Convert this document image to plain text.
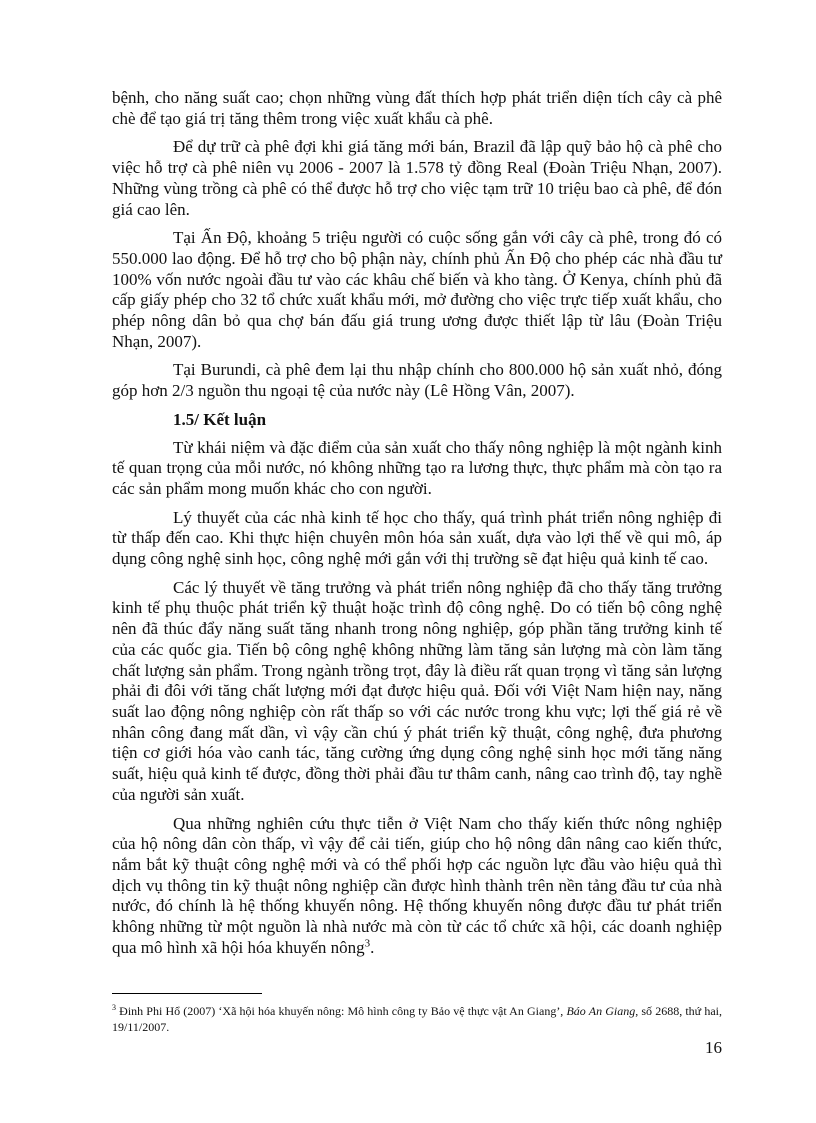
bệnh, cho năng suất cao; chọn những vùng đất thích hợp phát triển diện tích cây cà phê chè để tạo giá trị tăng thêm trong việc xuất khẩu cà phê.

Để dự trữ cà phê đợi khi giá tăng mới bán, Brazil đã lập quỹ bảo hộ cà phê cho việc hỗ trợ cà phê niên vụ 2006 - 2007 là 1.578 tỷ đồng Real (Đoàn Triệu Nhạn, 2007). Những vùng trồng cà phê có thể được hỗ trợ cho việc tạm trữ 10 triệu bao cà phê, để đón giá cao lên.

Tại Ấn Độ, khoảng 5 triệu người có cuộc sống gắn với cây cà phê, trong đó có 550.000 lao động. Để hỗ trợ cho bộ phận này, chính phủ Ấn Độ cho phép các nhà đầu tư 100% vốn nước ngoài đầu tư vào các khâu chế biến và kho tàng. Ở Kenya, chính phủ đã cấp giấy phép cho 32 tổ chức xuất khẩu mới, mở đường cho việc trực tiếp xuất khẩu, cho phép nông dân bỏ qua chợ bán đấu giá trung ương được thiết lập từ lâu (Đoàn Triệu Nhạn, 2007).

Tại Burundi, cà phê đem lại thu nhập chính cho 800.000 hộ sản xuất nhỏ, đóng góp hơn 2/3 nguồn thu ngoại tệ của nước này (Lê Hồng Vân, 2007).

1.5/ Kết luận

Từ khái niệm và đặc điểm của sản xuất cho thấy nông nghiệp là một ngành kinh tế quan trọng của mỗi nước, nó không những tạo ra lương thực, thực phẩm mà còn tạo ra các sản phẩm mong muốn khác cho con người.

Lý thuyết của các nhà kinh tế học cho thấy, quá trình phát triển nông nghiệp đi từ thấp đến cao. Khi thực hiện chuyên môn hóa sản xuất, dựa vào lợi thế về qui mô, áp dụng công nghệ sinh học, công nghệ mới gắn với thị trường sẽ đạt hiệu quả kinh tế cao.

Các lý thuyết về tăng trưởng và phát triển nông nghiệp đã cho thấy tăng trưởng kinh tế phụ thuộc phát triển kỹ thuật hoặc trình độ công nghệ. Do có tiến bộ công nghệ nên đã thúc đẩy năng suất tăng nhanh trong nông nghiệp, góp phần tăng trưởng kinh tế của các quốc gia. Tiến bộ công nghệ không những làm tăng sản lượng mà còn làm tăng chất lượng sản phẩm. Trong ngành trồng trọt, đây là điều rất quan trọng vì tăng sản lượng phải đi đôi với tăng chất lượng mới đạt được hiệu quả. Đối với Việt Nam hiện nay, năng suất lao động nông nghiệp còn rất thấp so với các nước trong khu vực; lợi thế giá rẻ về nhân công đang mất dần, vì vậy cần chú ý phát triển kỹ thuật, công nghệ, đưa phương tiện cơ giới hóa vào canh tác, tăng cường ứng dụng công nghệ sinh học mới tăng năng suất, hiệu quả kinh tế được, đồng thời phải đầu tư thâm canh, nâng cao trình độ, tay nghề của người sản xuất.

Qua những nghiên cứu thực tiễn ở Việt Nam cho thấy kiến thức nông nghiệp của hộ nông dân còn thấp, vì vậy để cải tiến, giúp cho hộ nông dân nâng cao kiến thức, nắm bắt kỹ thuật công nghệ mới và có thể phối hợp các nguồn lực đầu vào hiệu quả thì dịch vụ thông tin kỹ thuật nông nghiệp cần được hình thành trên nền tảng đầu tư của nhà nước, đó chính là hệ thống khuyến nông. Hệ thống khuyến nông được đầu tư phát triển không những từ một nguồn là nhà nước mà còn từ các tổ chức xã hội, các doanh nghiệp qua mô hình xã hội hóa khuyến nông$^3$.

$^3$ Đinh Phi Hổ (2007) ‘Xã hội hóa khuyến nông: Mô hình công ty Bảo vệ thực vật An Giang’, Báo An Giang, số 2688, thứ hai, 19/11/2007.
16
